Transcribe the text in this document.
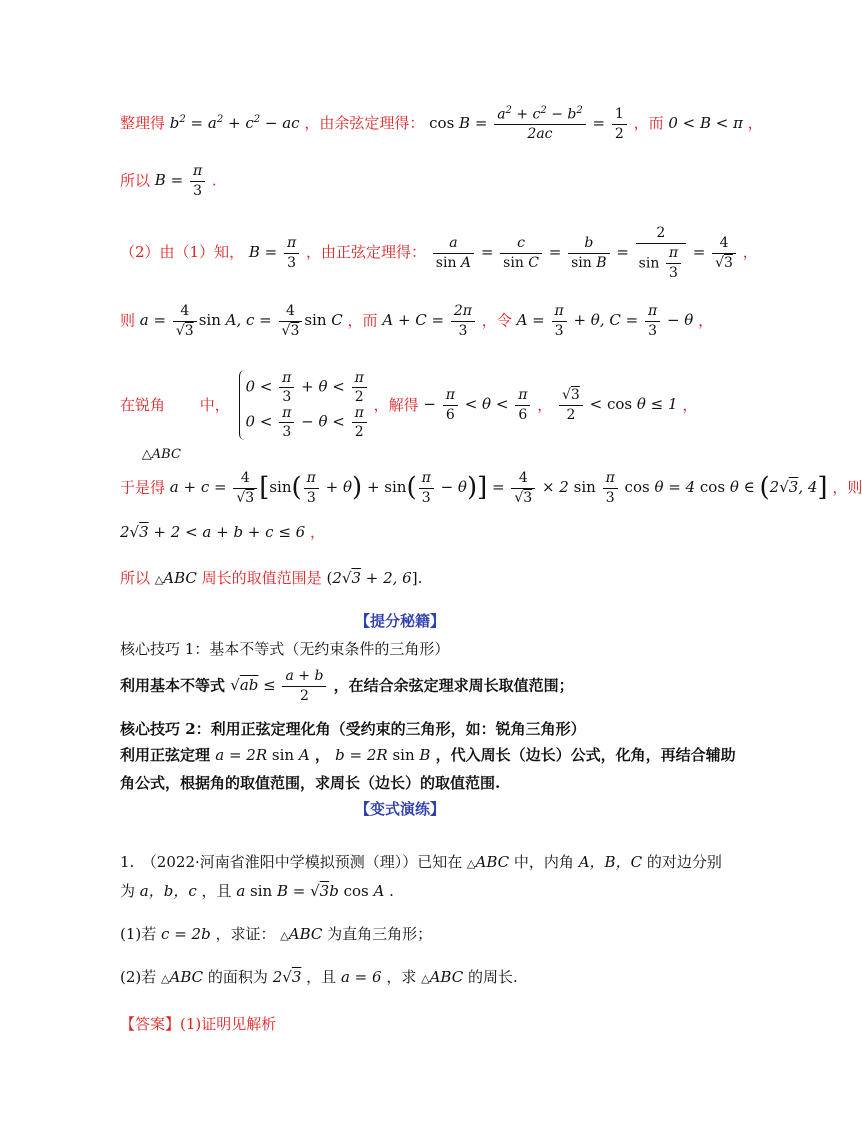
整理得 $b^2 = a^2 + c^2$ − ac ，由余弦定理得： $\cos B = \frac{a^2 + c^2 - b^2}{2ac} = \frac{1}{2}$ ，而 0 < B < π ，
所以 $B = \frac{\pi}{3}$ .
（2）由（1）知， $B = \frac{\pi}{3}$ ，由正弦定理得： $\frac{a}{\text{sin A}} = \frac{c}{\text{sin C}} = \frac{b}{\text{sin B}} = \frac{2}{\sin \frac{\pi}{3}} = \frac{4}{√3}$ ，
则 $a = \frac{4}{√3}$ sin A, $c = \frac{4}{√3}$ sin C ，而 $A + C = \frac{2\pi}{3}$ ，令 $A = \frac{\pi}{3} + \theta$, $C = \frac{\pi}{3} - \theta$ ，
在锐角 △ABC 中，
$0 < \frac{\pi}{3} + \theta < \frac{\pi}{2}$
$0 < \frac{\pi}{3} - \theta < \frac{\pi}{2}$ ，解得 − $\frac{\pi}{6} < \theta < \frac{\pi}{6}$ ， $\frac{√3}{2} < \cos \theta \le 1$ ，
于是得 $a + c = \frac{4}{√3} [\sin( \frac{\pi}{3} + \theta) + \sin( \frac{\pi}{3} - \theta)] = \frac{4}{√3} \times 2$ $\sin \frac{\pi}{3}$ cos θ = 4 cos θ ∈ (2√3, 4] ，则
2√3 + 2 < a + b + c ≤ 6 ，
所以 △ABC 周长的取值范围是 (2√3 + 2, 6].
【提分秘籍】
核心技巧 1：基本不等式（无约束条件的三角形）
利用基本不等式 $√ab \le \frac{a + b}{2}$ ，在结合余弦定理求周长取值范围；
核心技巧 2：利用正弦定理化角（受约束的三角形，如：锐角三角形）
利用正弦定理 a = 2R sin A ， b = 2R sin B ，代入周长（边长）公式，化角，再结合辅助
角公式，根据角的取值范围，求周长（边长）的取值范围.
【变式演练】
1.　（2022·河南省淮阳中学模拟预测（理））已知在 △ABC 中，内角 A，B，C 的对边分别
为 a，b，c ，且 a sin B = √3b cos A .
(1)若 c = 2b ，求证： △ABC 为直角三角形；
(2)若 △ABC 的面积为 2√3 ，且 a = 6 ，求 △ABC 的周长.
【答案】(1)证明见解析
